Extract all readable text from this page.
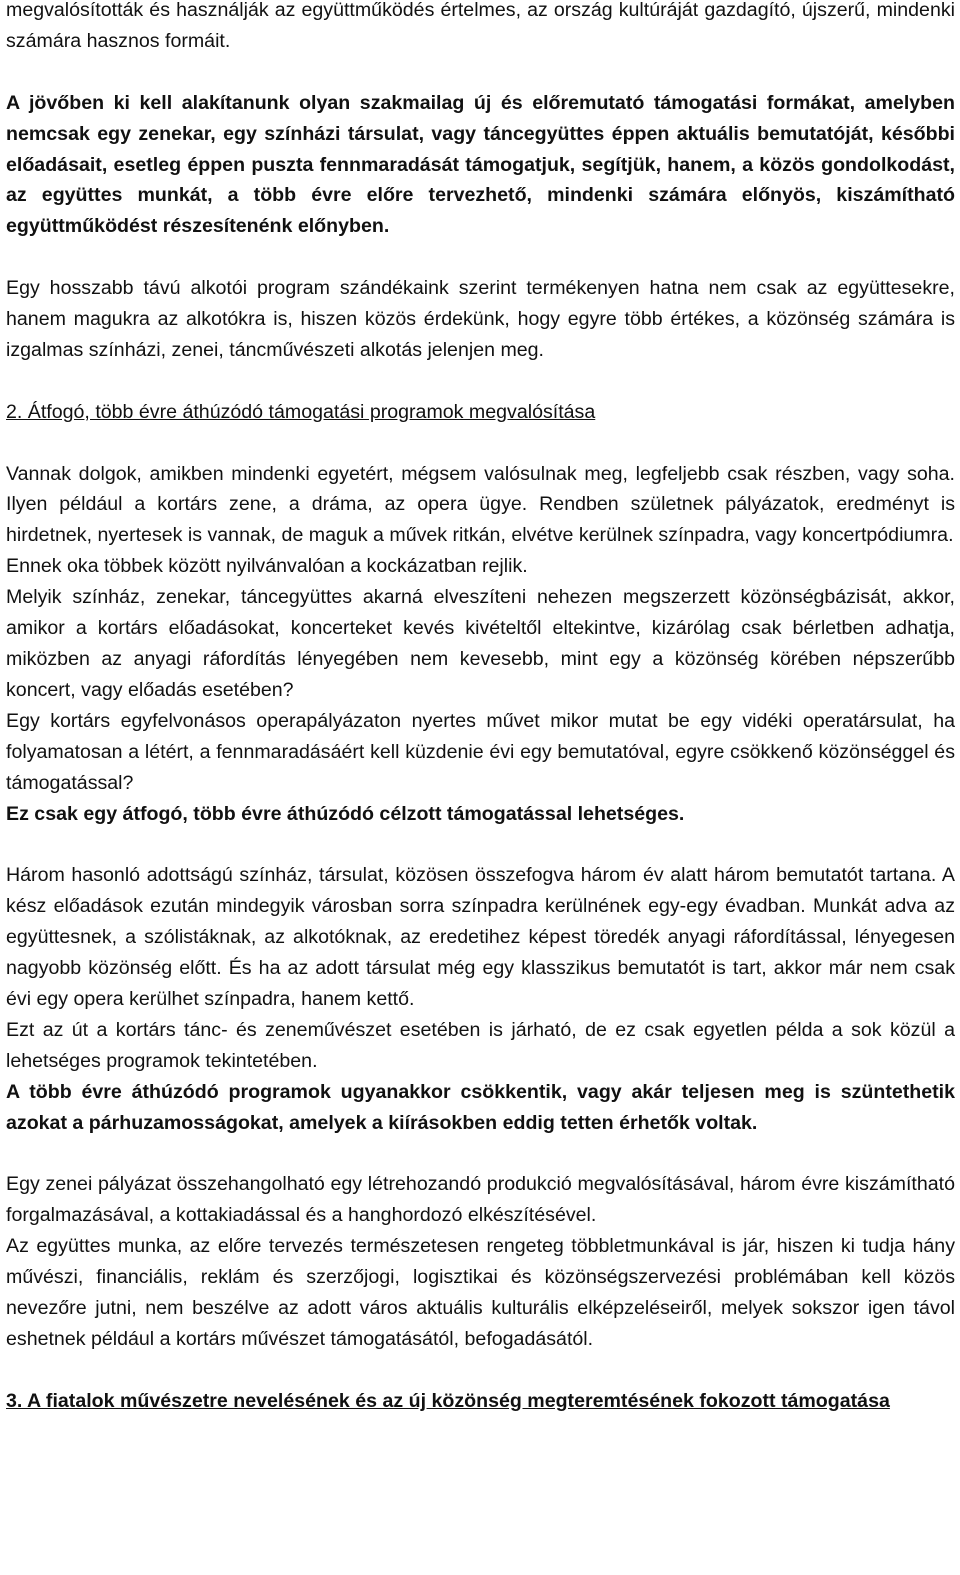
megvalósították és használják az együttműködés értelmes, az ország kultúráját gazdagító, újszerű, mindenki számára hasznos formáit.

A jövőben ki kell alakítanunk olyan szakmailag új és előremutató támogatási formákat, amelyben nemcsak egy zenekar, egy színházi társulat, vagy táncegyüttes éppen aktuális bemutatóját, későbbi előadásait, esetleg éppen puszta fennmaradását támogatjuk, segítjük, hanem, a közös gondolkodást, az együttes munkát, a több évre előre tervezhető, mindenki számára előnyös, kiszámítható együttműködést részesítenénk előnyben.

Egy hosszabb távú alkotói program szándékaink szerint termékenyen hatna nem csak az együttesekre, hanem magukra az alkotókra is, hiszen közös érdekünk, hogy egyre több értékes, a közönség számára is izgalmas színházi, zenei, táncművészeti alkotás jelenjen meg.

2. Átfogó, több évre áthúzódó támogatási programok megvalósítása

Vannak dolgok, amikben mindenki egyetért, mégsem valósulnak meg, legfeljebb csak részben, vagy soha. Ilyen például a kortárs zene, a dráma, az opera ügye. Rendben születnek pályázatok, eredményt is hirdetnek, nyertesek is vannak, de maguk a művek ritkán, elvétve kerülnek színpadra, vagy koncertpódiumra.

Ennek oka többek között nyilvánvalóan a kockázatban rejlik.

Melyik színház, zenekar, táncegyüttes akarná elveszíteni nehezen megszerzett közönségbázisát, akkor, amikor a kortárs előadásokat, koncerteket kevés kivételtől eltekintve, kizárólag csak bérletben adhatja, miközben az anyagi ráfordítás lényegében nem kevesebb, mint egy a közönség körében népszerűbb koncert, vagy előadás esetében?

Egy kortárs egyfelvonásos operapályázaton nyertes művet mikor mutat be egy vidéki operatársulat, ha folyamatosan a létért, a fennmaradásáért kell küzdenie évi egy bemutatóval, egyre csökkenő közönséggel és támogatással?

Ez csak egy átfogó, több évre áthúzódó célzott támogatással lehetséges.

Három hasonló adottságú színház, társulat, közösen összefogva három év alatt három bemutatót tartana. A kész előadások ezután mindegyik városban sorra színpadra kerülnének egy-egy évadban. Munkát adva az együttesnek, a szólistáknak, az alkotóknak, az eredetihez képest töredék anyagi ráfordítással, lényegesen nagyobb közönség előtt. És ha az adott társulat még egy klasszikus bemutatót is tart, akkor már nem csak évi egy opera kerülhet színpadra, hanem kettő.

Ezt az út a kortárs tánc- és zeneművészet esetében is járható, de ez csak egyetlen példa a sok közül a lehetséges programok tekintetében.

A több évre áthúzódó programok ugyanakkor csökkentik, vagy akár teljesen meg is szüntethetik azokat a párhuzamosságokat, amelyek a kiírásokben eddig tetten érhetők voltak.

Egy zenei pályázat összehangolható egy létrehozandó produkció megvalósításával, három évre kiszámítható forgalmazásával, a kottakiadással és a hanghordozó elkészítésével.

Az együttes munka, az előre tervezés természetesen rengeteg többletmunkával is jár, hiszen ki tudja hány művészi, financiális, reklám és szerzőjogi, logisztikai és közönségszervezési problémában kell közös nevezőre jutni, nem beszélve az adott város aktuális kulturális elképzeléseiről, melyek sokszor igen távol eshetnek például a kortárs művészet támogatásától, befogadásától.

3. A fiatalok művészetre nevelésének és az új közönség megteremtésének fokozott támogatása
